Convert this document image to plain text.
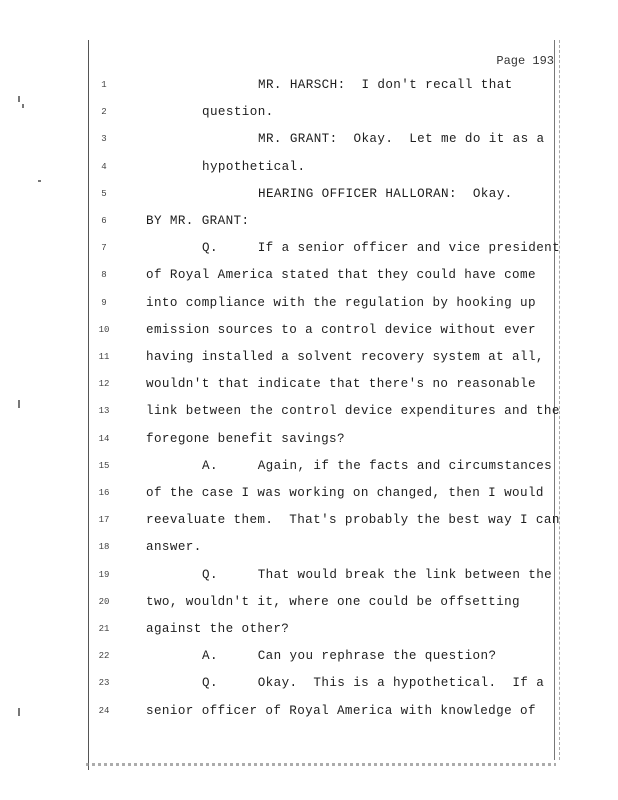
Page 193
1	MR. HARSCH:  I don't recall that
2	question.
3	MR. GRANT:  Okay.  Let me do it as a
4	hypothetical.
5	HEARING OFFICER HALLORAN:  Okay.
6	BY MR. GRANT:
7	Q.     If a senior officer and vice president
8	of Royal America stated that they could have come
9	into compliance with the regulation by hooking up
10	emission sources to a control device without ever
11	having installed a solvent recovery system at all,
12	wouldn't that indicate that there's no reasonable
13	link between the control device expenditures and the
14	foregone benefit savings?
15	A.     Again, if the facts and circumstances
16	of the case I was working on changed, then I would
17	reevaluate them.  That's probably the best way I can
18	answer.
19	Q.     That would break the link between the
20	two, wouldn't it, where one could be offsetting
21	against the other?
22	A.     Can you rephrase the question?
23	Q.     Okay.  This is a hypothetical.  If a
24	senior officer of Royal America with knowledge of
